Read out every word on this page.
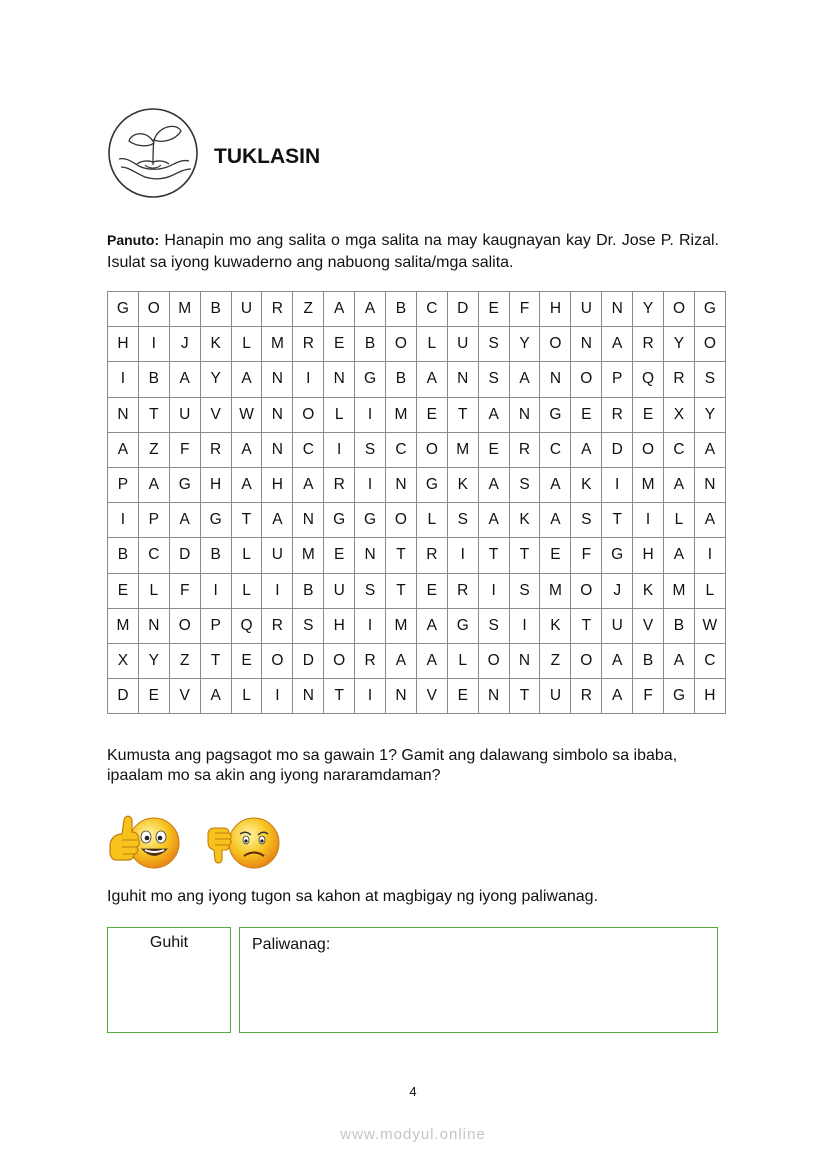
TUKLASIN
Panuto: Hanapin mo ang salita o mga salita na may kaugnayan kay Dr. Jose P. Rizal. Isulat sa iyong kuwaderno ang nabuong salita/mga salita.
G	O	M	B	U	R	Z	A	A	B	C	D	E	F	H	U	N	Y	O	G
H	I	J	K	L	M	R	E	B	O	L	U	S	Y	O	N	A	R	Y	O
I	B	A	Y	A	N	I	N	G	B	A	N	S	A	N	O	P	Q	R	S
N	T	U	V	W	N	O	L	I	M	E	T	A	N	G	E	R	E	X	Y
A	Z	F	R	A	N	C	I	S	C	O	M	E	R	C	A	D	O	C	A
P	A	G	H	A	H	A	R	I	N	G	K	A	S	A	K	I	M	A	N
I	P	A	G	T	A	N	G	G	O	L	S	A	K	A	S	T	I	L	A
B	C	D	B	L	U	M	E	N	T	R	I	T	T	E	F	G	H	A	I
E	L	F	I	L	I	B	U	S	T	E	R	I	S	M	O	J	K	M	L
M	N	O	P	Q	R	S	H	I	M	A	G	S	I	K	T	U	V	B	W
X	Y	Z	T	E	O	D	O	R	A	A	L	O	N	Z	O	A	B	A	C
D	E	V	A	L	I	N	T	I	N	V	E	N	T	U	R	A	F	G	H
Kumusta ang pagsagot mo sa gawain 1? Gamit ang dalawang simbolo sa ibaba, ipaalam mo sa akin ang iyong nararamdaman?
Iguhit mo ang iyong tugon sa kahon at magbigay ng iyong paliwanag.
Guhit	Paliwanag:
4
www.modyul.online
